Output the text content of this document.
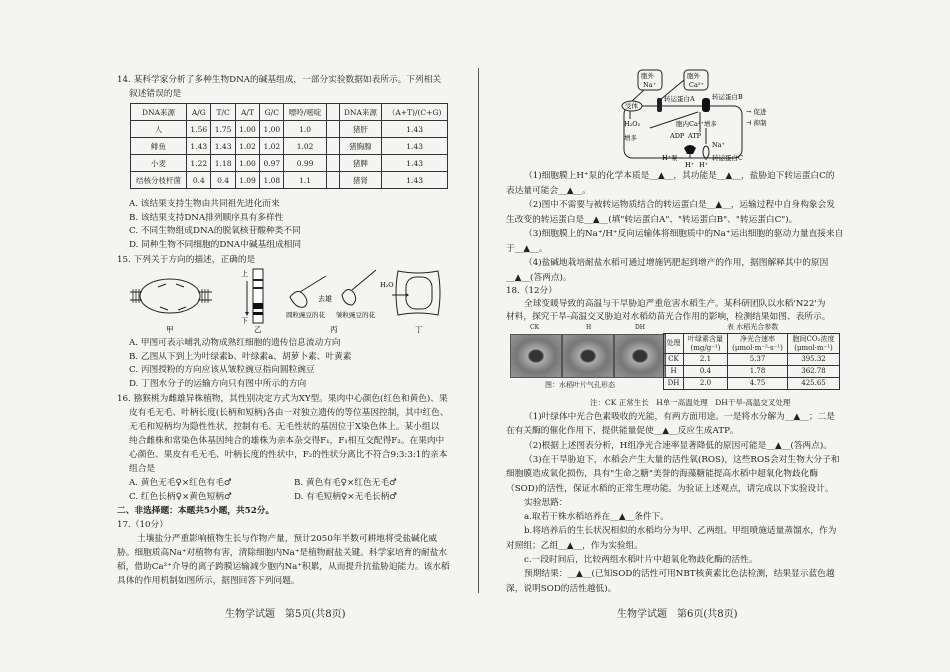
14. 某科学家分析了多种生物DNA的碱基组成，一部分实验数据如表所示。下列相关
叙述错误的是
DNA来源	A/G	T/C	A/T	G/C	嘌呤/嘧啶		DNA来源	（A+T)/(C+G)
人	1.56	1.75	1.00	1.00	1.0		猪肝	1.43
鲱鱼	1.43	1.43	1.02	1.02	1.02		猪胸腺	1.43
小麦	1.22	1.18	1.00	0.97	0.99		猪脾	1.43
结核分枝杆菌	0.4	0.4	1.09	1.08	1.1		猪肾	1.43
A. 该结果支持生物由共同祖先进化而来
B. 该结果支持DNA排列顺序具有多样性
C. 不同生物组成DNA的脱氧核苷酸种类不同
D. 同种生物不同细胞的DNA中碱基组成相同
15. 下列关于方向的描述，正确的是
上
下
去雄
圆粒豌豆的花 皱粒豌豆的花
H₂O
甲	乙	丙	丁
A. 甲图可表示哺乳动物成熟红细胞的遗传信息流动方向
B. 乙图从下到上为叶绿素b、叶绿素a、胡萝卜素、叶黄素
C. 丙图授粉的方向应该从皱粒豌豆指向圆粒豌豆
D. 丁图水分子的运输方向只有图中所示的方向
16. 猕猴桃为雌雄异株植物，其性别决定方式为XY型。果肉中心颜色(红色和黄色)、果
皮有毛无毛、叶柄长度(长柄和短柄)各由一对独立遗传的等位基因控制，其中红色、
无毛和短柄均为隐性性状，控制有毛、无毛性状的基因位于X染色体上。某小组以
纯合雌株和常染色体基因纯合的雄株为亲本杂交得F₁，F₁相互交配得F₂。在果肉中
心颜色、果皮有毛无毛、叶柄长度的性状中，F₂的性状分离比不符合9:3:3:1的亲本
组合是
A. 黄色无毛♀×红色有毛♂	B. 黄色有毛♀×红色无毛♂
C. 红色长柄♀×黄色短柄♂	D. 有毛短柄♀×无毛长柄♂
二、非选择题：本题共5小题，共52分。
17.（10分）
土壤盐分严重影响植物生长与作物产量，预计2050年半数可耕地将受盐碱化威
胁。细胞质高Na⁺对植物有害，清除细胞内Na⁺是植物耐盐关键。科学家培育的耐盐水
稻，借助Ca²⁺介导的离子跨膜运输减少胞内Na⁺积累，从而提升抗盐胁迫能力。该水稻
具体的作用机制如图所示，据图回答下列问题。
生物学试题　第5页(共8页)
胞外
Na⁺
胞外
Ca²⁺
受体
转运蛋白A	转运蛋白B
H₂O₂
增多
胞内Ca²⁺增多
ADP ATP
Na⁺
H⁺泵
H⁺ H⁺
转运蛋白C
→ 促进
⊣ 抑制
（1)细胞膜上H⁺泵的化学本质是__▲__，其功能是__▲__，盐胁迫下转运蛋白C的
表达量可能会__▲__。
（2)图中不需要与被转运物质结合的转运蛋白是__▲__，运输过程中自身构象会发
生改变的转运蛋白是__▲__(填"转运蛋白A"、"转运蛋白B"、"转运蛋白C")。
（3)细胞膜上的Na⁺/H⁺反向运输体将细胞质中的Na⁺运出细胞的驱动力量直接来自
于__▲__。
（4)盐碱地栽培耐盐水稻可通过增施钙肥起到增产的作用，据图解释其中的原因
__▲__(答两点)。
18.（12分）
全球变暖导致的高温与干旱胁迫严重危害水稻生产。某科研团队以水稻'N22'为
材料，探究干旱-高温交叉胁迫对水稻幼苗光合作用的影响，检测结果如图、表所示。
CK	H	DH
图：水稻叶片气孔形态
表 水稻光合参数
处理	叶绿素含量 (mg/g⁻¹)	净光合速率 (μmol·m⁻²·s⁻¹)	胞间CO₂浓度 (μmol·m⁻¹)
CK	2.1	5.37	395.32
H	0.4	1.78	362.78
DH	2.0	4.75	425.65
注：CK 正常生长　H单一高温处理　DH干旱-高温交叉处理
（1)叶绿体中光合色素吸收的光能，有两方面用途。一是将水分解为__▲__；二是
在有关酶的催化作用下，提供能量促使__▲__反应生成ATP。
（2)根据上述图表分析，H组净光合速率显著降低的原因可能是__▲__(答两点)。
（3)在干旱胁迫下，水稻会产生大量的活性氧(ROS)，这些ROS会对生物大分子和
细胞膜造成氧化损伤，具有"生命之糖"美誉的海藻糖能提高水稻中超氧化物歧化酶
（SOD)的活性，保证水稻的正常生理功能。为验证上述观点，请完成以下实验设计。
实验思路：
a.取若干株水稻培养在__▲__条件下。
b.将培养后的生长状况相似的水稻均分为甲、乙两组。甲组喷施适量蒸馏水，作为
对照组；乙组__▲__，作为实验组。
c.一段时间后，比较两组水稻叶片中超氧化物歧化酶的活性。
预期结果：__▲__(已知SOD的活性可用NBT核黄素比色法检测，结果显示蓝色越
深，说明SOD的活性越低)。
生物学试题　第6页(共8页)
